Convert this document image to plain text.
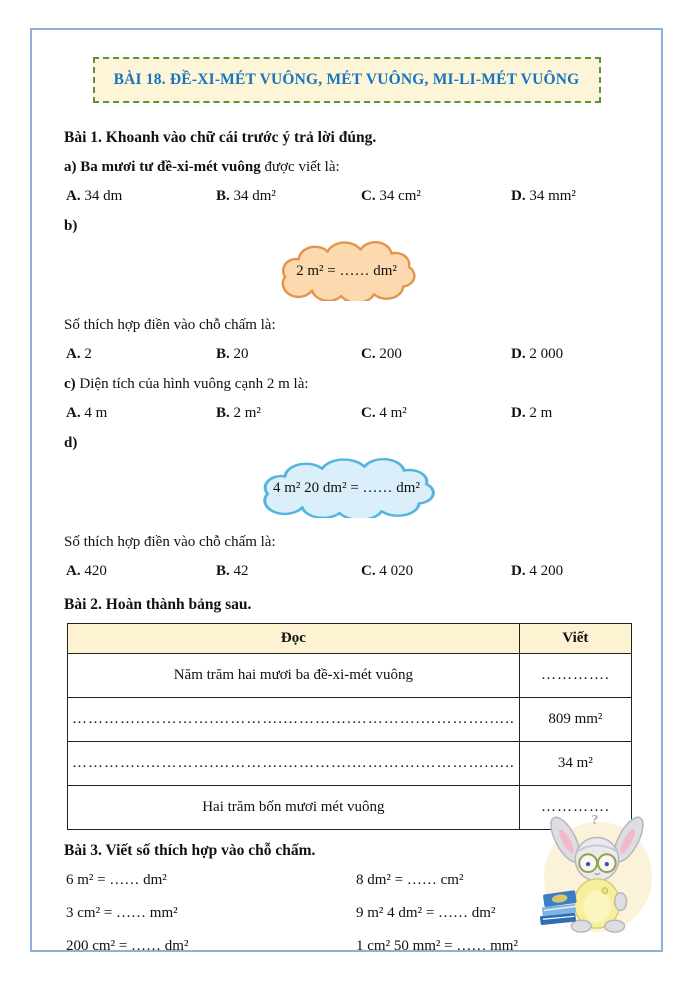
BÀI 18. ĐỀ-XI-MÉT VUÔNG, MÉT VUÔNG, MI-LI-MÉT VUÔNG

Bài 1. Khoanh vào chữ cái trước ý trả lời đúng.

a) Ba mươi tư đề-xi-mét vuông được viết là:

A. 34 dm	B. 34 dm²	C. 34 cm²	D. 34 mm²

b)

2 m² = …… dm²

Số thích hợp điền vào chỗ chấm là:

A. 2	B. 20	C. 200	D. 2 000

c) Diện tích của hình vuông cạnh 2 m là:

A. 4 m	B. 2 m²	C. 4 m²	D. 2 m

d)

4 m² 20 dm² = …… dm²

Số thích hợp điền vào chỗ chấm là:

A. 420	B. 42	C. 4 020	D. 4 200

Bài 2. Hoàn thành bảng sau.

Đọc	Viết
Năm trăm hai mươi ba đề-xi-mét vuông	………….
…………..………….………….………….………….………….…..	809 mm²
…………..………….………….………….………….………….…..	34 m²
Hai trăm bốn mươi mét vuông	………….

Bài 3. Viết số thích hợp vào chỗ chấm.

6 m² = …… dm²	8 dm² = …… cm²
3 cm² = …… mm²	9 m² 4 dm² = …… dm²
200 cm² = …… dm²	1 cm² 50 mm² = …… mm²
?
